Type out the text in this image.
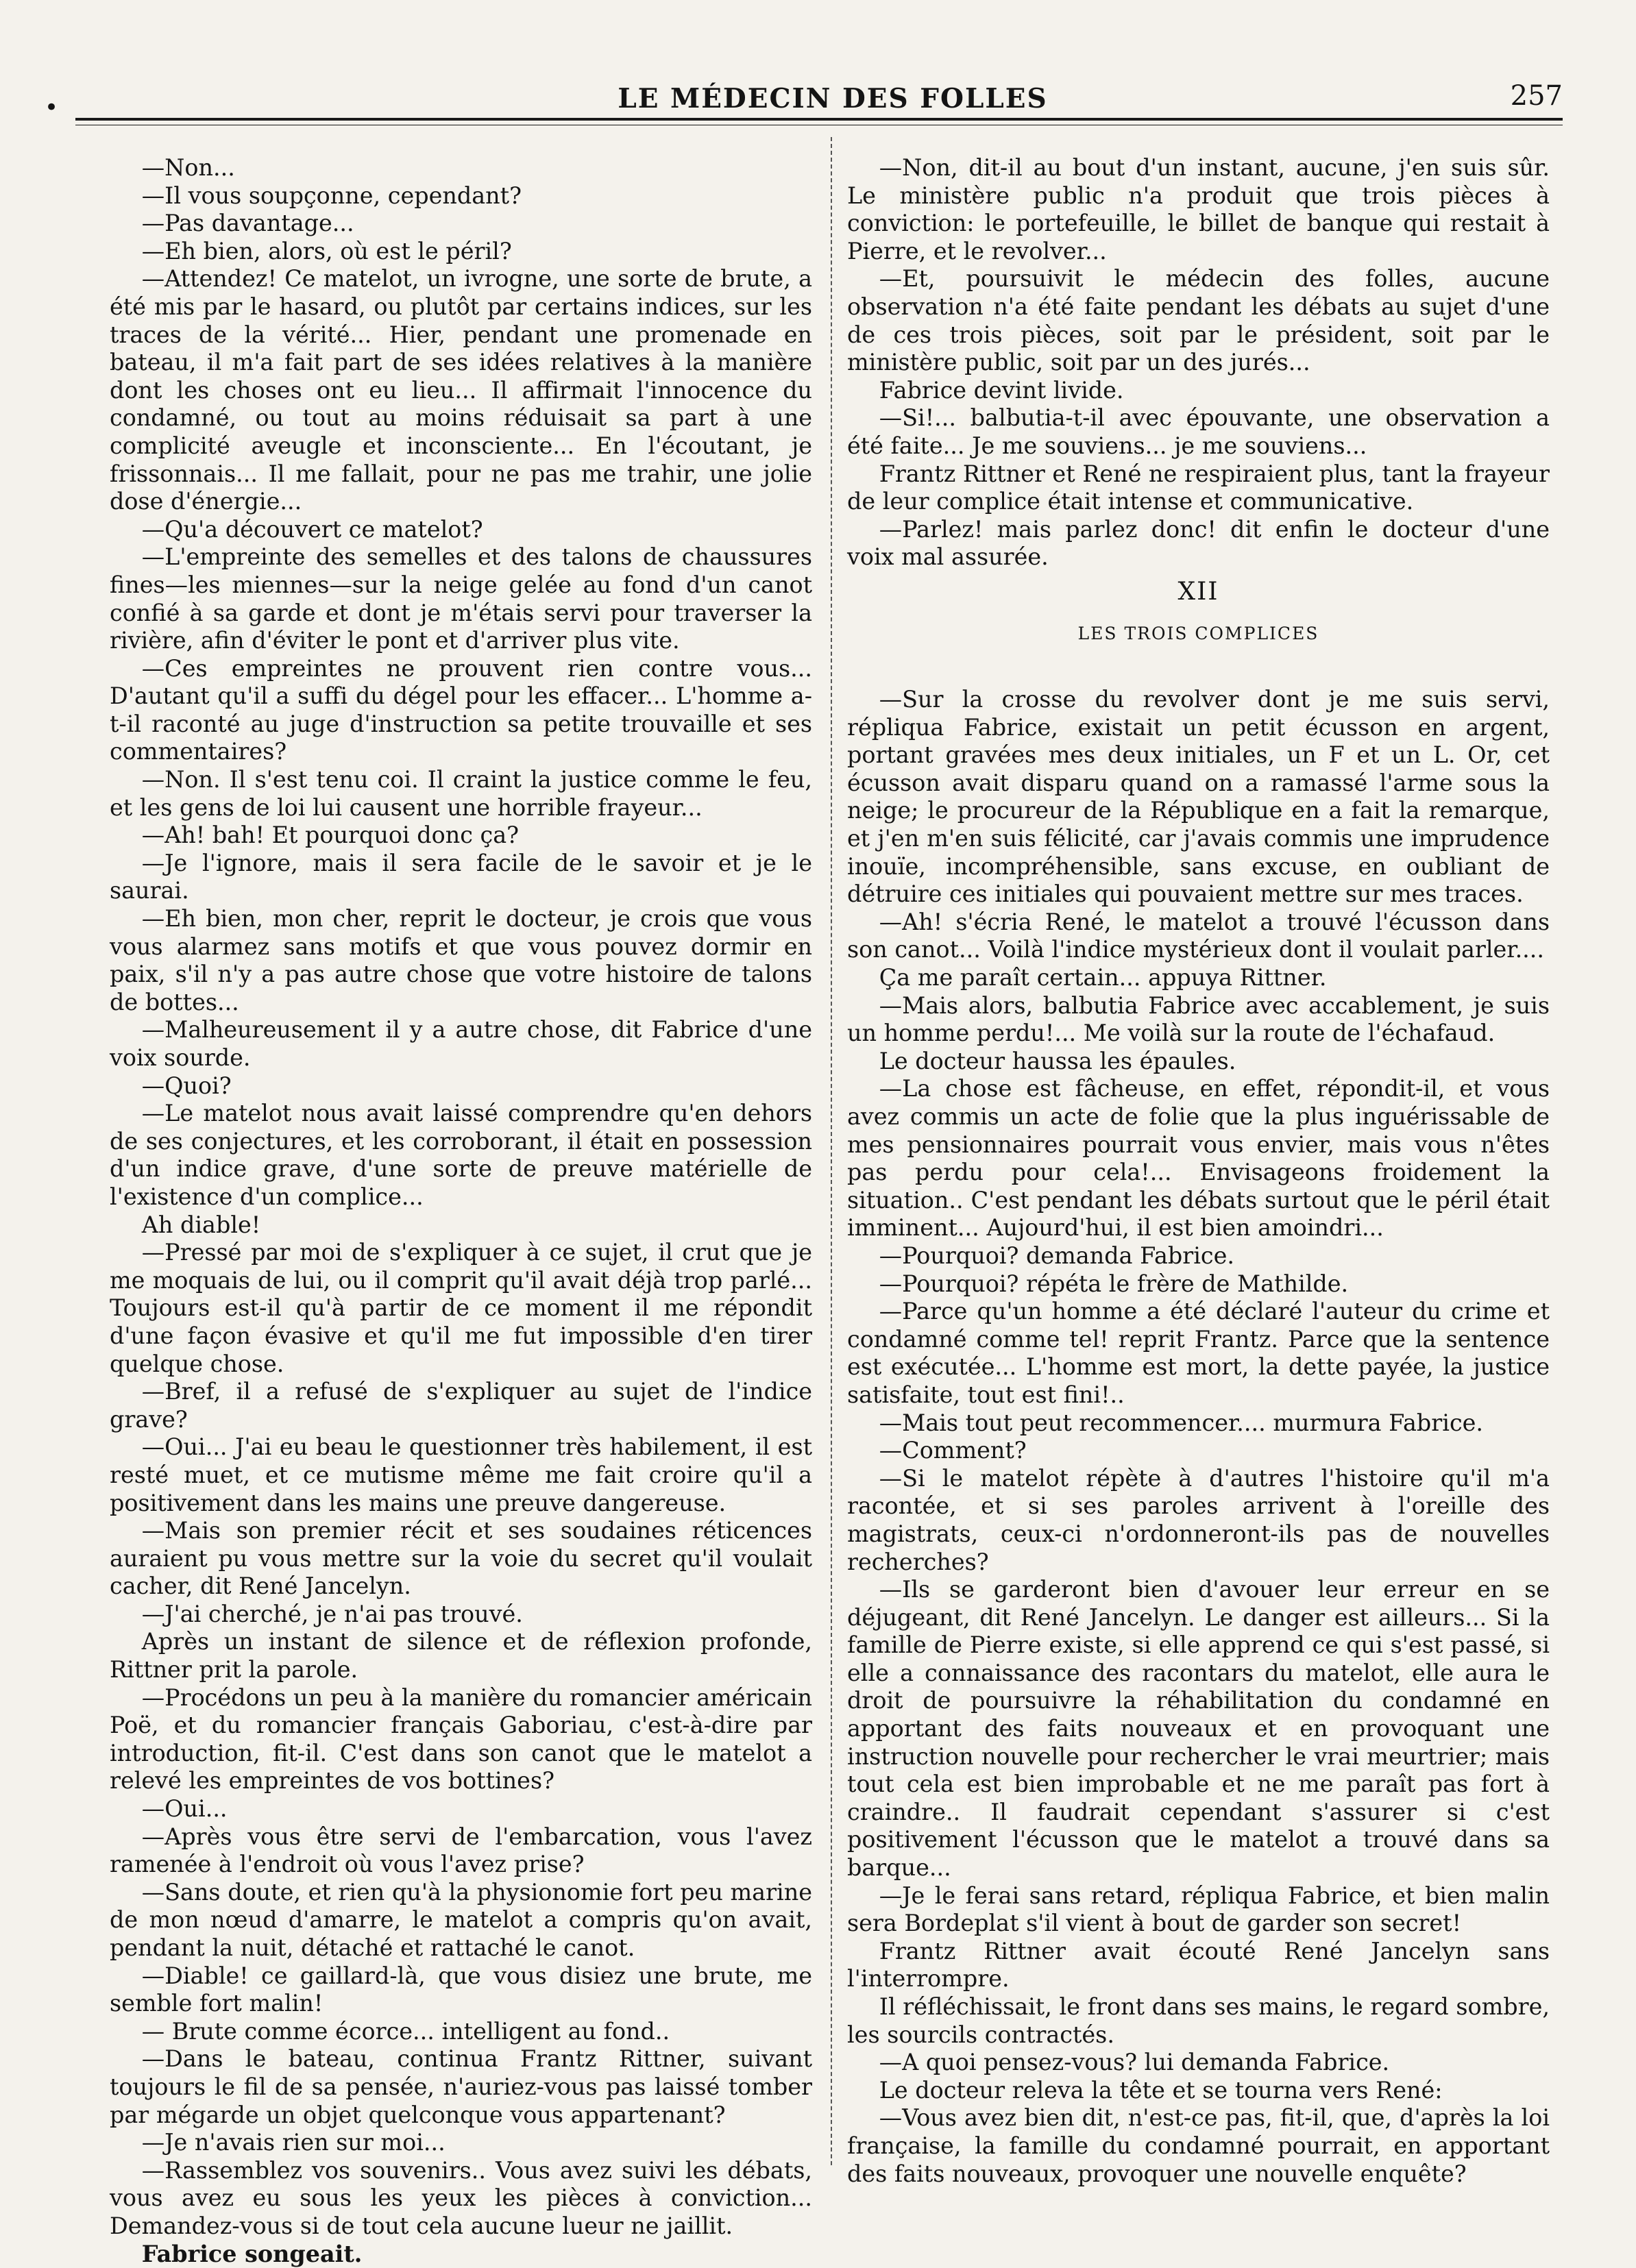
•	LE MÉDECIN DES FOLLES	257

—Non...

—Il vous soupçonne, cependant?

—Pas davantage...

—Eh bien, alors, où est le péril?

—Attendez! Ce matelot, un ivrogne, une sorte de brute, a été mis par le hasard, ou plutôt par certains indices, sur les traces de la vérité... Hier, pendant une promenade en bateau, il m'a fait part de ses idées relatives à la manière dont les choses ont eu lieu... Il affirmait l'innocence du condamné, ou tout au moins réduisait sa part à une complicité aveugle et inconsciente... En l'écoutant, je frissonnais... Il me fallait, pour ne pas me trahir, une jolie dose d'énergie...

—Qu'a découvert ce matelot?

—L'empreinte des semelles et des talons de chaussures fines—les miennes—sur la neige gelée au fond d'un canot confié à sa garde et dont je m'étais servi pour traverser la rivière, afin d'éviter le pont et d'arriver plus vite.

—Ces empreintes ne prouvent rien contre vous... D'autant qu'il a suffi du dégel pour les effacer... L'homme a-t-il raconté au juge d'instruction sa petite trouvaille et ses commentaires?

—Non. Il s'est tenu coi. Il craint la justice comme le feu, et les gens de loi lui causent une horrible frayeur...

—Ah! bah! Et pourquoi donc ça?

—Je l'ignore, mais il sera facile de le savoir et je le saurai.

—Eh bien, mon cher, reprit le docteur, je crois que vous vous alarmez sans motifs et que vous pouvez dormir en paix, s'il n'y a pas autre chose que votre histoire de talons de bottes...

—Malheureusement il y a autre chose, dit Fabrice d'une voix sourde.

—Quoi?

—Le matelot nous avait laissé comprendre qu'en dehors de ses conjectures, et les corroborant, il était en possession d'un indice grave, d'une sorte de preuve matérielle de l'existence d'un complice...

Ah diable!

—Pressé par moi de s'expliquer à ce sujet, il crut que je me moquais de lui, ou il comprit qu'il avait déjà trop parlé... Toujours est-il qu'à partir de ce moment il me répondit d'une façon évasive et qu'il me fut impossible d'en tirer quelque chose.

—Bref, il a refusé de s'expliquer au sujet de l'indice grave?

—Oui... J'ai eu beau le questionner très habilement, il est resté muet, et ce mutisme même me fait croire qu'il a positivement dans les mains une preuve dangereuse.

—Mais son premier récit et ses soudaines réticences auraient pu vous mettre sur la voie du secret qu'il voulait cacher, dit René Jancelyn.

—J'ai cherché, je n'ai pas trouvé.

Après un instant de silence et de réflexion profonde, Rittner prit la parole.

—Procédons un peu à la manière du romancier américain Poë, et du romancier français Gaboriau, c'est-à-dire par introduction, fit-il. C'est dans son canot que le matelot a relevé les empreintes de vos bottines?

—Oui...

—Après vous être servi de l'embarcation, vous l'avez ramenée à l'endroit où vous l'avez prise?

—Sans doute, et rien qu'à la physionomie fort peu marine de mon nœud d'amarre, le matelot a compris qu'on avait, pendant la nuit, détaché et rattaché le canot.

—Diable! ce gaillard-là, que vous disiez une brute, me semble fort malin!

— Brute comme écorce... intelligent au fond..

—Dans le bateau, continua Frantz Rittner, suivant toujours le fil de sa pensée, n'auriez-vous pas laissé tomber par mégarde un objet quelconque vous appartenant?

—Je n'avais rien sur moi...

—Rassemblez vos souvenirs.. Vous avez suivi les débats, vous avez eu sous les yeux les pièces à conviction... Demandez-vous si de tout cela aucune lueur ne jaillit.

Fabrice songeait.

—Non, dit-il au bout d'un instant, aucune, j'en suis sûr. Le ministère public n'a produit que trois pièces à conviction: le portefeuille, le billet de banque qui restait à Pierre, et le revolver...

—Et, poursuivit le médecin des folles, aucune observation n'a été faite pendant les débats au sujet d'une de ces trois pièces, soit par le président, soit par le ministère public, soit par un des jurés...

Fabrice devint livide.

—Si!... balbutia-t-il avec épouvante, une observation a été faite... Je me souviens... je me souviens...

Frantz Rittner et René ne respiraient plus, tant la frayeur de leur complice était intense et communicative.

—Parlez! mais parlez donc! dit enfin le docteur d'une voix mal assurée.

XII

LES TROIS COMPLICES

—Sur la crosse du revolver dont je me suis servi, répliqua Fabrice, existait un petit écusson en argent, portant gravées mes deux initiales, un F et un L. Or, cet écusson avait disparu quand on a ramassé l'arme sous la neige; le procureur de la République en a fait la remarque, et j'en m'en suis félicité, car j'avais commis une imprudence inouïe, incompréhensible, sans excuse, en oubliant de détruire ces initiales qui pouvaient mettre sur mes traces.

—Ah! s'écria René, le matelot a trouvé l'écusson dans son canot... Voilà l'indice mystérieux dont il voulait parler....

Ça me paraît certain... appuya Rittner.

—Mais alors, balbutia Fabrice avec accablement, je suis un homme perdu!... Me voilà sur la route de l'échafaud.

Le docteur haussa les épaules.

—La chose est fâcheuse, en effet, répondit-il, et vous avez commis un acte de folie que la plus inguérissable de mes pensionnaires pourrait vous envier, mais vous n'êtes pas perdu pour cela!... Envisageons froidement la situation.. C'est pendant les débats surtout que le péril était imminent... Aujourd'hui, il est bien amoindri...

—Pourquoi? demanda Fabrice.

—Pourquoi? répéta le frère de Mathilde.

—Parce qu'un homme a été déclaré l'auteur du crime et condamné comme tel! reprit Frantz. Parce que la sentence est exécutée... L'homme est mort, la dette payée, la justice satisfaite, tout est fini!..

—Mais tout peut recommencer.... murmura Fabrice.

—Comment?

—Si le matelot répète à d'autres l'histoire qu'il m'a racontée, et si ses paroles arrivent à l'oreille des magistrats, ceux-ci n'ordonneront-ils pas de nouvelles recherches?

—Ils se garderont bien d'avouer leur erreur en se déjugeant, dit René Jancelyn. Le danger est ailleurs... Si la famille de Pierre existe, si elle apprend ce qui s'est passé, si elle a connaissance des racontars du matelot, elle aura le droit de poursuivre la réhabilitation du condamné en apportant des faits nouveaux et en provoquant une instruction nouvelle pour rechercher le vrai meurtrier; mais tout cela est bien improbable et ne me paraît pas fort à craindre.. Il faudrait cependant s'assurer si c'est positivement l'écusson que le matelot a trouvé dans sa barque...

—Je le ferai sans retard, répliqua Fabrice, et bien malin sera Bordeplat s'il vient à bout de garder son secret!

Frantz Rittner avait écouté René Jancelyn sans l'interrompre.

Il réfléchissait, le front dans ses mains, le regard sombre, les sourcils contractés.

—A quoi pensez-vous? lui demanda Fabrice.

Le docteur releva la tête et se tourna vers René:

—Vous avez bien dit, n'est-ce pas, fit-il, que, d'après la loi française, la famille du condamné pourrait, en apportant des faits nouveaux, provoquer une nouvelle enquête?
